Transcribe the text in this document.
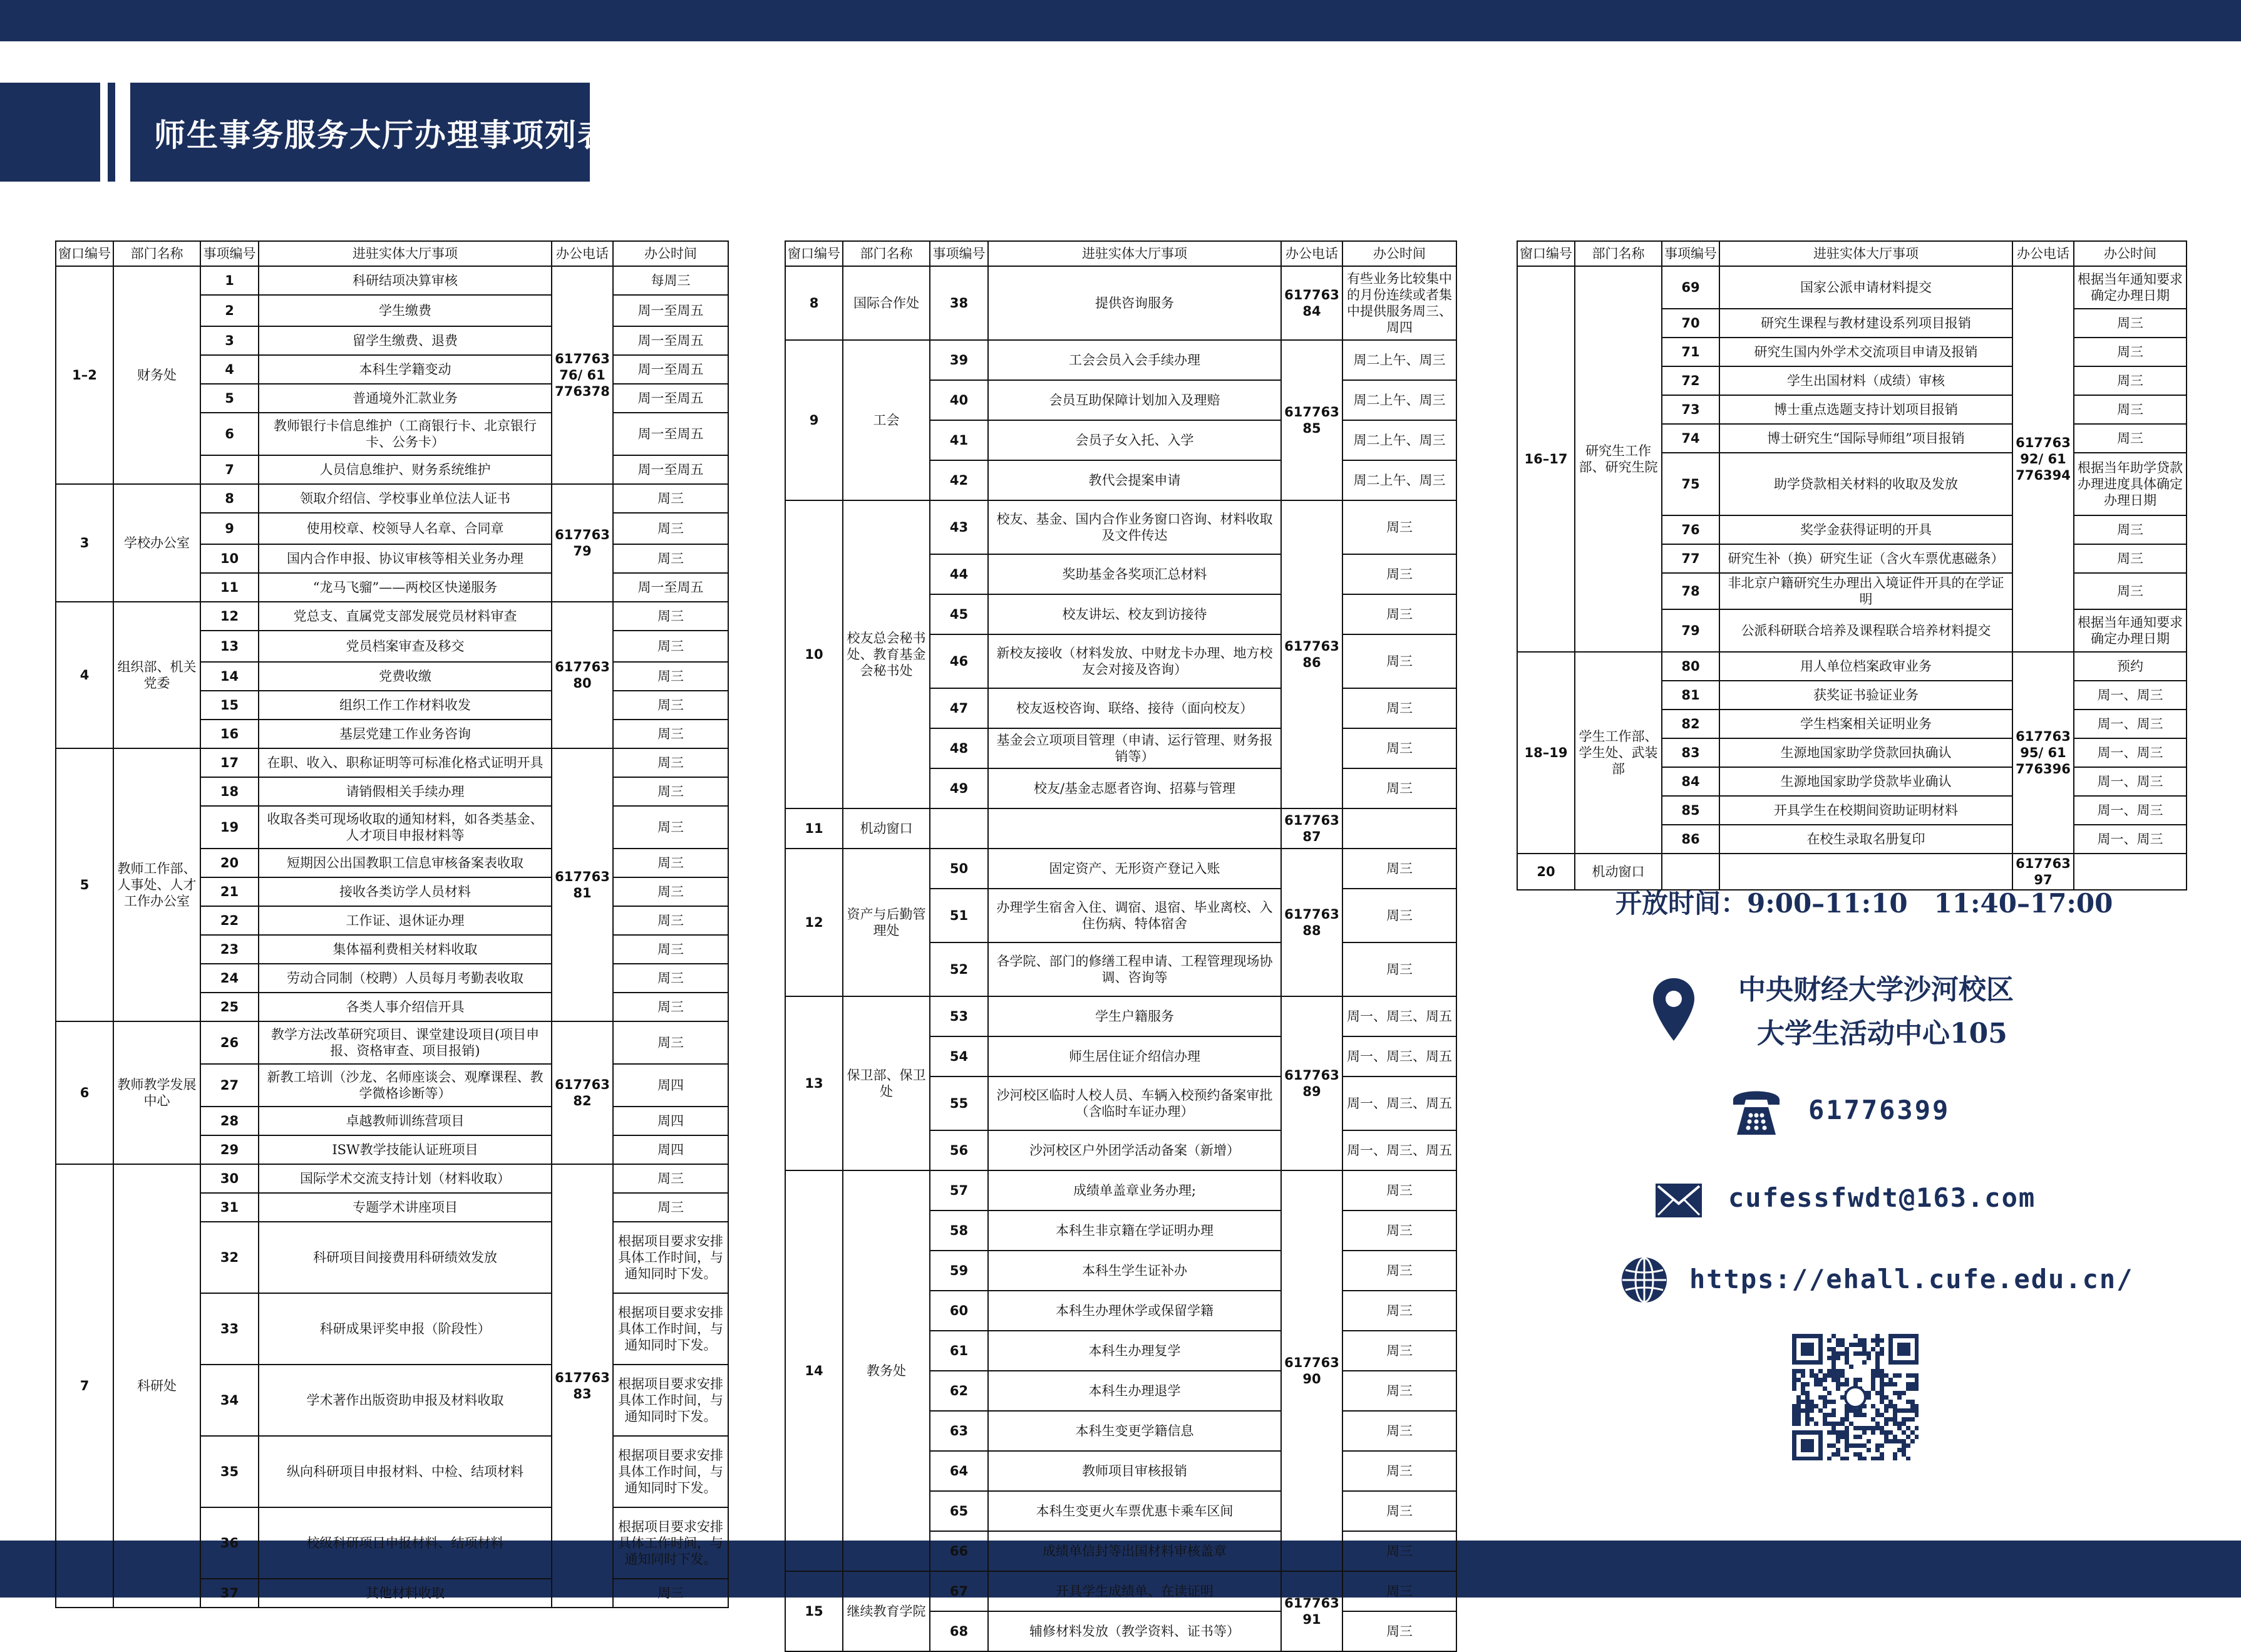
师生事务服务大厅办理事项列表
窗口编号	部门名称	事项编号	进驻实体大厅事项	办公电话	办公时间
1–2	财务处	1	科研结项决算审核	61776376/ 61776378	每周三
		2	学生缴费		周一至周五
		3	留学生缴费、退费		周一至周五
		4	本科生学籍变动		周一至周五
		5	普通境外汇款业务		周一至周五
		6	教师银行卡信息维护（工商银行卡、北京银行卡、公务卡）		周一至周五
		7	人员信息维护、财务系统维护		周一至周五
3	学校办公室	8	领取介绍信、学校事业单位法人证书	61776379	周三
		9	使用校章、校领导人名章、合同章		周三
		10	国内合作申报、协议审核等相关业务办理		周三
		11	“龙马飞骝”——两校区快递服务		周一至周五
4	组织部、机关党委	12	党总支、直属党支部发展党员材料审查	61776380	周三
		13	党员档案审查及移交		周三
		14	党费收缴		周三
		15	组织工作工作材料收发		周三
		16	基层党建工作业务咨询		周三
5	教师工作部、人事处、人才工作办公室	17	在职、收入、职称证明等可标准化格式证明开具	61776381	周三
		18	请销假相关手续办理		周三
		19	收取各类可现场收取的通知材料，如各类基金、人才项目申报材料等		周三
		20	短期因公出国教职工信息审核备案表收取		周三
		21	接收各类访学人员材料		周三
		22	工作证、退休证办理		周三
		23	集体福利费相关材料收取		周三
		24	劳动合同制（校聘）人员每月考勤表收取		周三
		25	各类人事介绍信开具		周三
6	教师教学发展中心	26	教学方法改革研究项目、课堂建设项目(项目申报、资格审查、项目报销)	61776382	周三
		27	新教工培训（沙龙、名师座谈会、观摩课程、教学微格诊断等）		周四
		28	卓越教师训练营项目		周四
		29	ISW教学技能认证班项目		周四
7	科研处	30	国际学术交流支持计划（材料收取）	61776383	周三
		31	专题学术讲座项目		周三
		32	科研项目间接费用科研绩效发放		根据项目要求安排具体工作时间，与通知同时下发。
		33	科研成果评奖申报（阶段性）		根据项目要求安排具体工作时间，与通知同时下发。
		34	学术著作出版资助申报及材料收取		根据项目要求安排具体工作时间，与通知同时下发。
		35	纵向科研项目申报材料、中检、结项材料		根据项目要求安排具体工作时间，与通知同时下发。
		36	校级科研项目申报材料、结项材料		根据项目要求安排具体工作时间，与通知同时下发。
		37	其他材料收取		周三
窗口编号	部门名称	事项编号	进驻实体大厅事项	办公电话	办公时间
8	国际合作处	38	提供咨询服务	61776384	有些业务比较集中的月份连续或者集中提供服务周三、周四
9	工会	39	工会会员入会手续办理	61776385	周二上午、周三
		40	会员互助保障计划加入及理赔		周二上午、周三
		41	会员子女入托、入学		周二上午、周三
		42	教代会提案申请		周二上午、周三
10	校友总会秘书处、教育基金会秘书处	43	校友、基金、国内合作业务窗口咨询、材料收取及文件传达	61776386	周三
		44	奖助基金各奖项汇总材料		周三
		45	校友讲坛、校友到访接待		周三
		46	新校友接收（材料发放、中财龙卡办理、地方校友会对接及咨询）		周三
		47	校友返校咨询、联络、接待（面向校友）		周三
		48	基金会立项项目管理（申请、运行管理、财务报销等）		周三
		49	校友/基金志愿者咨询、招募与管理		周三
11	机动窗口			61776387	
12	资产与后勤管理处	50	固定资产、无形资产登记入账	61776388	周三
		51	办理学生宿舍入住、调宿、退宿、毕业离校、入住伤病、特体宿舍		周三
		52	各学院、部门的修缮工程申请、工程管理现场协调、咨询等		周三
13	保卫部、保卫处	53	学生户籍服务	61776389	周一、周三、周五
		54	师生居住证介绍信办理		周一、周三、周五
		55	沙河校区临时人校人员、车辆入校预约备案审批（含临时车证办理）		周一、周三、周五
		56	沙河校区户外团学活动备案（新增）		周一、周三、周五
14	教务处	57	成绩单盖章业务办理;	61776390	周三
		58	本科生非京籍在学证明办理		周三
		59	本科生学生证补办		周三
		60	本科生办理休学或保留学籍		周三
		61	本科生办理复学		周三
		62	本科生办理退学		周三
		63	本科生变更学籍信息		周三
		64	教师项目审核报销		周三
		65	本科生变更火车票优惠卡乘车区间		周三
		66	成绩单信封等出国材料审核盖章		周三
15	继续教育学院	67	开具学生成绩单、在读证明	61776391	周三
		68	辅修材料发放（教学资料、证书等）		周三
窗口编号	部门名称	事项编号	进驻实体大厅事项	办公电话	办公时间
16–17	研究生工作部、研究生院	69	国家公派申请材料提交	61776392/ 61776394	根据当年通知要求确定办理日期
		70	研究生课程与教材建设系列项目报销		周三
		71	研究生国内外学术交流项目申请及报销		周三
		72	学生出国材料（成绩）审核		周三
		73	博士重点选题支持计划项目报销		周三
		74	博士研究生“国际导师组”项目报销		周三
		75	助学贷款相关材料的收取及发放		根据当年助学贷款办理进度具体确定办理日期
		76	奖学金获得证明的开具		周三
		77	研究生补（换）研究生证（含火车票优惠磁条）		周三
		78	非北京户籍研究生办理出入境证件开具的在学证明		周三
		79	公派科研联合培养及课程联合培养材料提交		根据当年通知要求确定办理日期
18–19	学生工作部、学生处、武装部	80	用人单位档案政审业务	61776395/ 61776396	预约
		81	获奖证书验证业务		周一、周三
		82	学生档案相关证明业务		周一、周三
		83	生源地国家助学贷款回执确认		周一、周三
		84	生源地国家助学贷款毕业确认		周一、周三
		85	开具学生在校期间资助证明材料		周一、周三
		86	在校生录取名册复印		周一、周三
20	机动窗口			61776397	
开放时间：9:00–11:10　11:40–17:00
中央财经大学沙河校区
大学生活动中心105
61776399
cufessfwdt@163.com
https://ehall.cufe.edu.cn/
